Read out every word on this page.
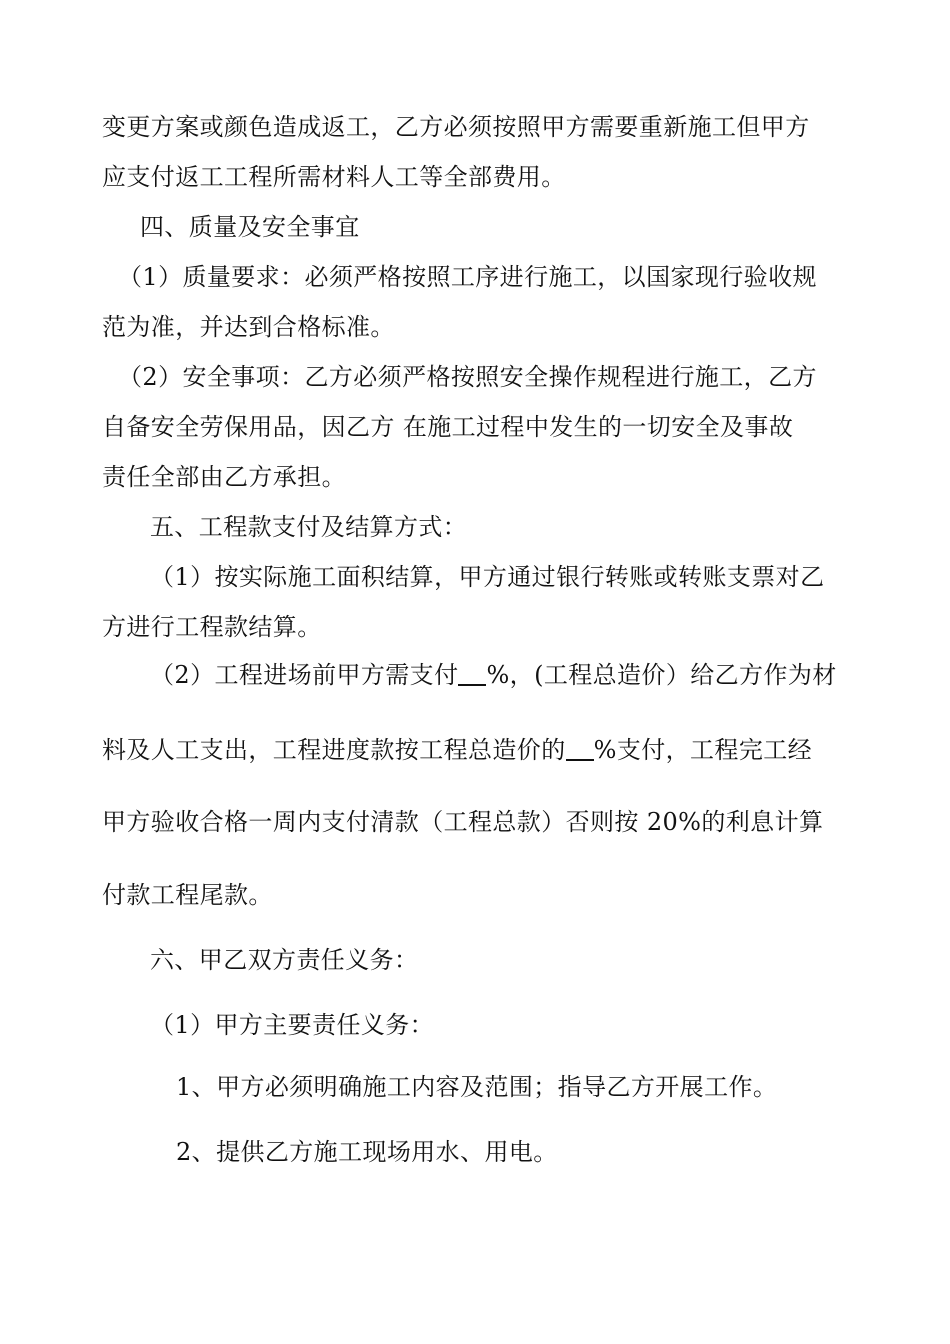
变更方案或颜色造成返工，乙方必须按照甲方需要重新施工但甲方
应支付返工工程所需材料人工等全部费用。
四、质量及安全事宜
（1）质量要求：必须严格按照工序进行施工，以国家现行验收规
范为准，并达到合格标准。
（2）安全事项：乙方必须严格按照安全操作规程进行施工，乙方
自备安全劳保用品，因乙方 在施工过程中发生的一切安全及事故
责任全部由乙方承担。
五、工程款支付及结算方式：
（1）按实际施工面积结算，甲方通过银行转账或转账支票对乙
方进行工程款结算。
（2）工程进场前甲方需支付 %，(工程总造价）给乙方作为材
料及人工支出，工程进度款按工程总造价的 %支付，工程完工经
甲方验收合格一周内支付清款（工程总款）否则按 20%的利息计算
付款工程尾款。
六、甲乙双方责任义务：
（1）甲方主要责任义务：
1、甲方必须明确施工内容及范围；指导乙方开展工作。
2、提供乙方施工现场用水、用电。
